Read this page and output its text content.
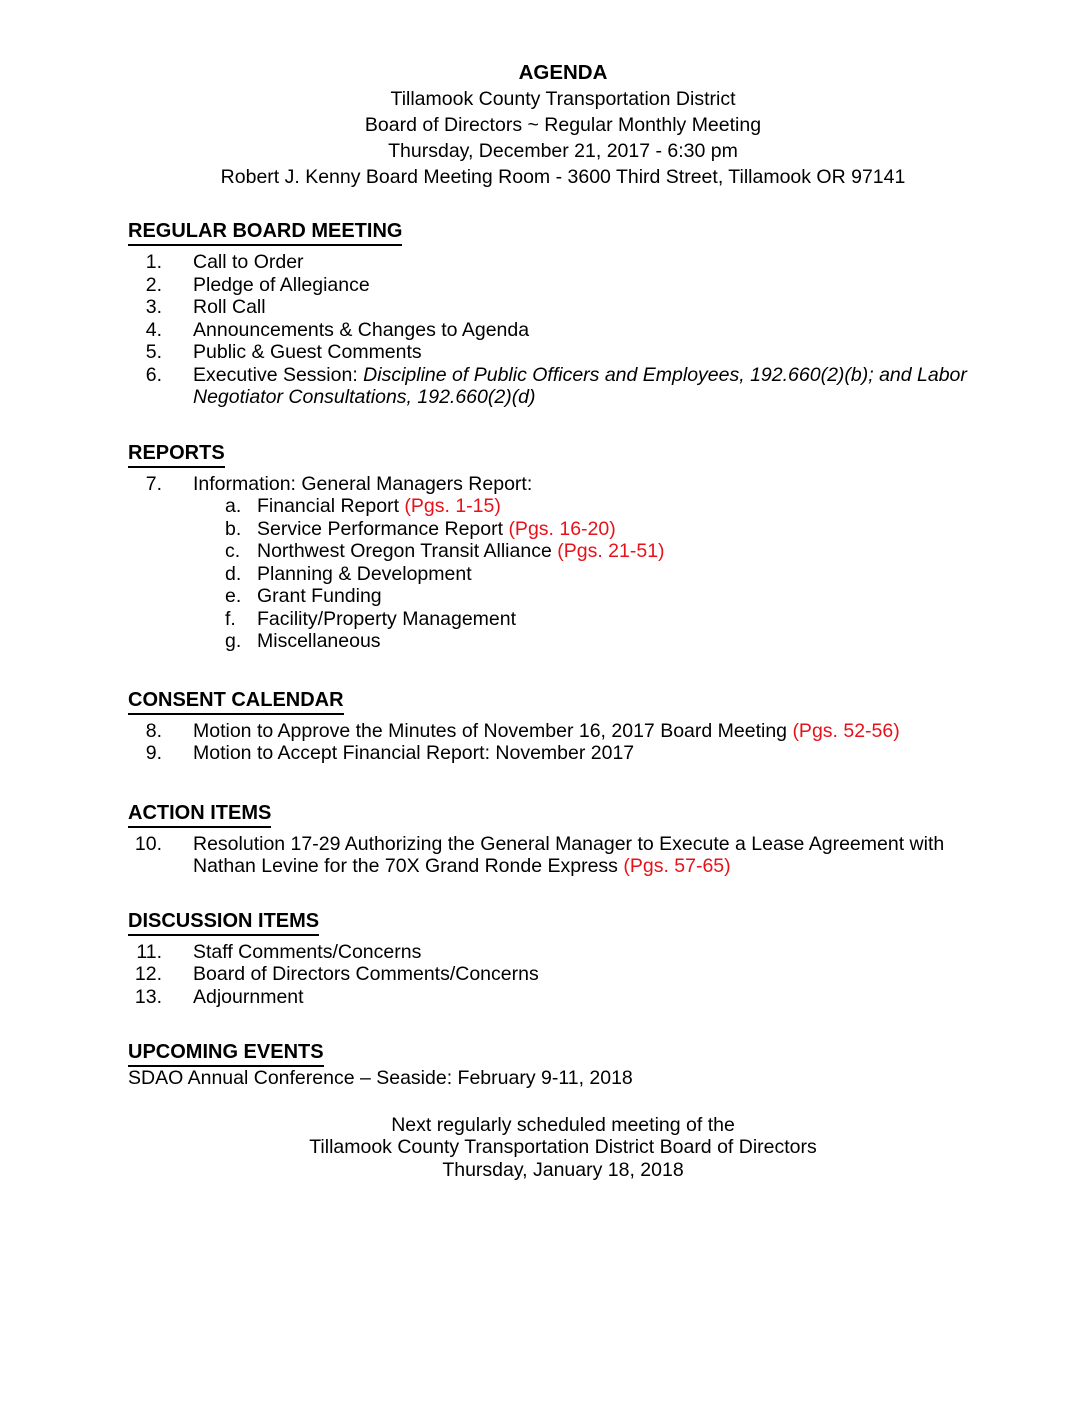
AGENDA
Tillamook County Transportation District
Board of Directors ~ Regular Monthly Meeting
Thursday, December 21, 2017 - 6:30 pm
Robert J. Kenny Board Meeting Room - 3600 Third Street, Tillamook OR 97141
REGULAR BOARD MEETING
1.	Call to Order
2.	Pledge of Allegiance
3.	Roll Call
4.	Announcements & Changes to Agenda
5.	Public & Guest Comments
6.	Executive Session: Discipline of Public Officers and Employees, 192.660(2)(b); and Labor Negotiator Consultations, 192.660(2)(d)
REPORTS
7.	Information: General Managers Report:
a. Financial Report (Pgs. 1-15)
b. Service Performance Report (Pgs. 16-20)
c. Northwest Oregon Transit Alliance (Pgs. 21-51)
d. Planning & Development
e. Grant Funding
f.	Facility/Property Management
g. Miscellaneous
CONSENT CALENDAR
8.	Motion to Approve the Minutes of November 16, 2017 Board Meeting (Pgs. 52-56)
9.	Motion to Accept Financial Report: November 2017
ACTION ITEMS
10.	Resolution 17-29 Authorizing the General Manager to Execute a Lease Agreement with Nathan Levine for the 70X Grand Ronde Express (Pgs. 57-65)
DISCUSSION ITEMS
11.	Staff Comments/Concerns
12.	Board of Directors Comments/Concerns
13.	Adjournment
UPCOMING EVENTS
SDAO Annual Conference – Seaside: February 9-11, 2018
Next regularly scheduled meeting of the
Tillamook County Transportation District Board of Directors
Thursday, January 18, 2018
